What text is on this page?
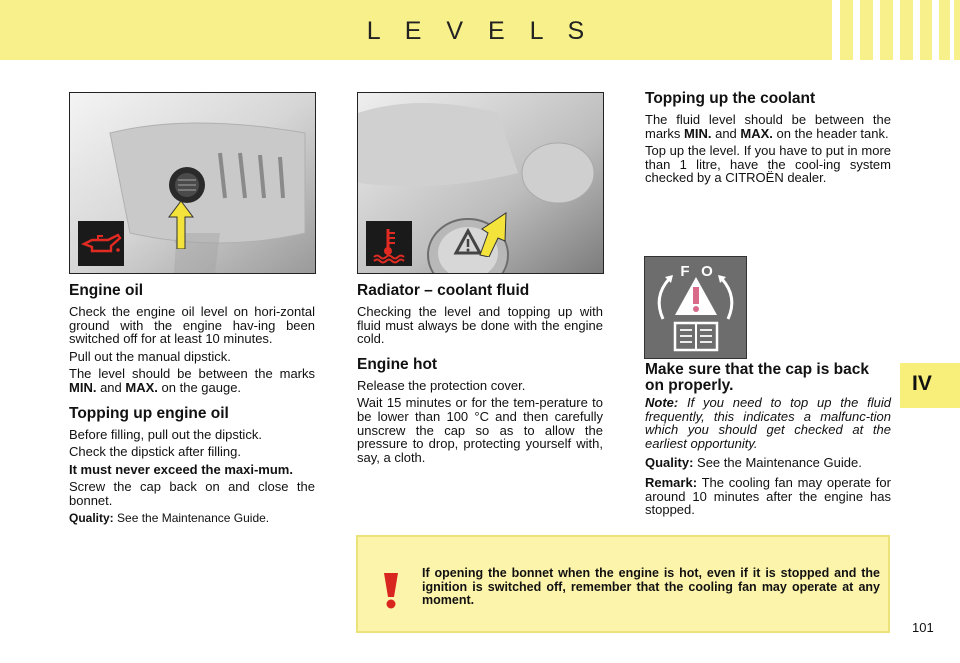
L E V E L S
IV
Engine oil

Check the engine oil level on hori-zontal ground with the engine hav-ing been switched off for at least 10 minutes.

Pull out the manual dipstick.

The level should be between the marks MIN. and MAX. on the gauge.

Topping up engine oil

Before filling, pull out the dipstick.

Check the dipstick after filling.

It must never exceed the maxi-mum.

Screw the cap back on and close the bonnet.

Quality: See the Maintenance Guide.

Radiator – coolant fluid

Checking the level and topping up with fluid must always be done with the engine cold.

Engine hot

Release the protection cover.

Wait 15 minutes or for the tem-perature to be lower than 100 °C and then carefully unscrew the cap so as to allow the pressure to drop, protecting yourself with, say, a cloth.

Topping up the coolant

The fluid level should be between the marks MIN. and MAX. on the header tank.

Top up the level. If you have to put in more than 1 litre, have the cool-ing system checked by a CITROËN dealer.

F O
Make sure that the cap is back on properly.

Note: If you need to top up the fluid frequently, this indicates a malfunc-tion which you should get checked at the earliest opportunity.

Quality: See the Maintenance Guide.

Remark: The cooling fan may operate for around 10 minutes after the engine has stopped.

If opening the bonnet when the engine is hot, even if it is stopped and the ignition is switched off, remember that the cooling fan may operate at any moment.
101
